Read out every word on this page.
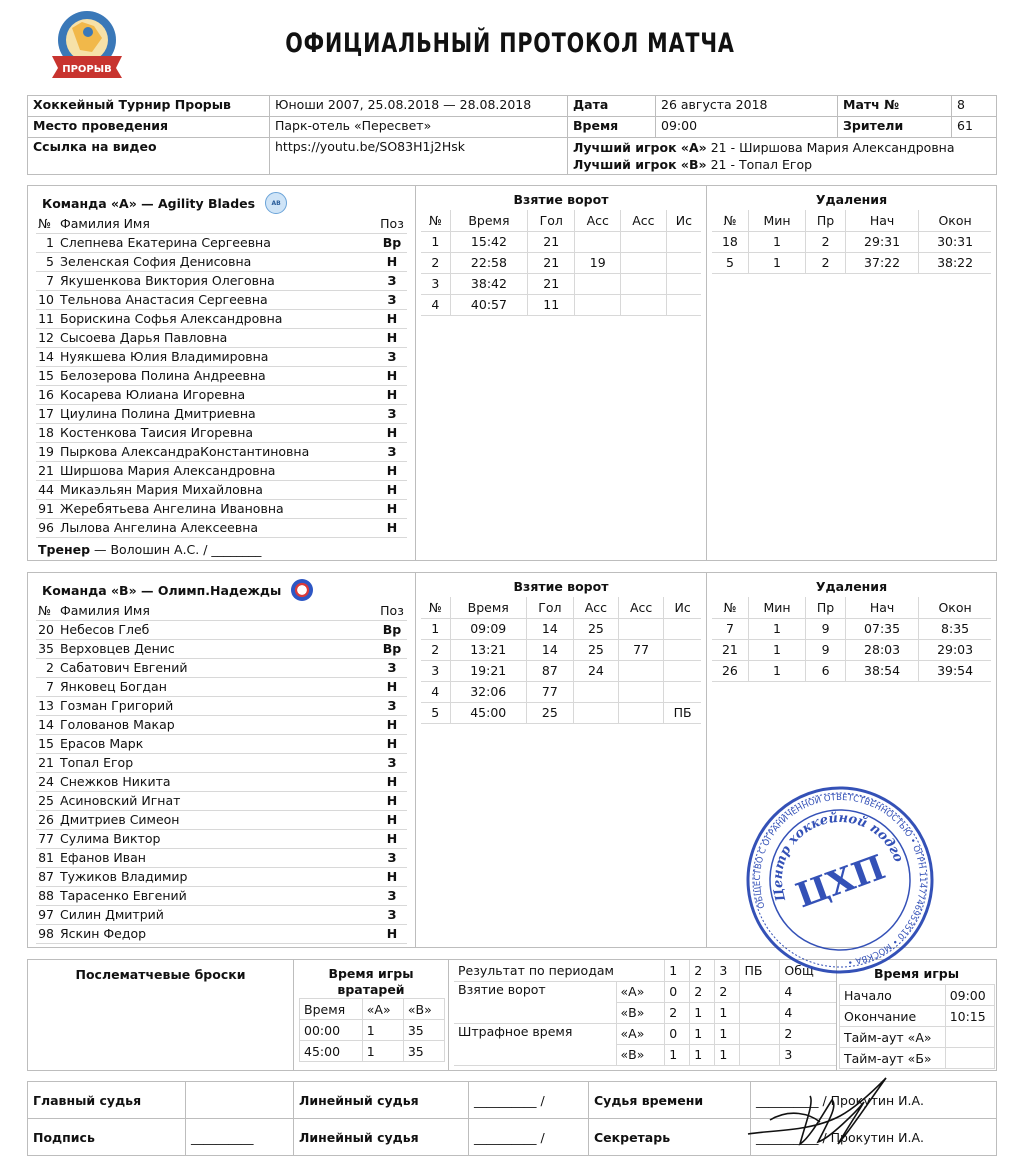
ПРОРЫВ
ОФИЦИАЛЬНЫЙ ПРОТОКОЛ МАТЧА
Хоккейный Турнир Прорыв	Юноши 2007, 25.08.2018 — 28.08.2018	Дата	26 августа 2018	Матч №	8
Место проведения	Парк-отель «Пересвет»	Время	09:00	Зрители	61
Ссылка на видео	https://youtu.be/SO83H1j2Hsk	Лучший игрок «А» 21 - Ширшова Мария Александровна
Лучший игрок «В» 21 - Топал Егор			
Команда «А» — Agility Blades	AB
№	Фамилия Имя	Поз
1	Слепнева Екатерина Сергеевна	Вр
5	Зеленская София Денисовна	Н
7	Якушенкова Виктория Олеговна	З
10	Тельнова Анастасия Сергеевна	З
11	Борискина Софья Александровна	Н
12	Сысоева Дарья Павловна	Н
14	Нуякшева Юлия Владимировна	З
15	Белозерова Полина Андреевна	Н
16	Косарева Юлиана Игоревна	Н
17	Циулина Полина Дмитриевна	З
18	Костенкова Таисия Игоревна	Н
19	Пыркова АлександраКонстантиновна	З
21	Ширшова Мария Александровна	Н
44	Микаэльян Мария Михайловна	Н
91	Жеребятьева Ангелина Ивановна	Н
96	Лылова Ангелина Алексеевна	Н
Тренер — Волошин А.С. / ________
Взятие ворот
№	Время	Гол	Асс	Асс	Ис
1	15:42	21			
2	22:58	21	19		
3	38:42	21			
4	40:57	11			
Удаления
№	Мин	Пр	Нач	Окон
18	1	2	29:31	30:31
5	1	2	37:22	38:22
Команда «В» — Олимп.Надежды
№	Фамилия Имя	Поз
20	Небесов Глеб	Вр
35	Верховцев Денис	Вр
2	Сабатович Евгений	З
7	Янковец Богдан	Н
13	Гозман Григорий	З
14	Голованов Макар	Н
15	Ерасов Марк	Н
21	Топал Егор	З
24	Снежков Никита	Н
25	Асиновский Игнат	Н
26	Дмитриев Симеон	Н
77	Сулима Виктор	Н
81	Ефанов Иван	З
87	Тужиков Владимир	Н
88	Тарасенко Евгений	З
97	Силин Дмитрий	З
98	Яскин Федор	Н
Взятие ворот
№	Время	Гол	Асс	Асс	Ис
1	09:09	14	25		
2	13:21	14	25	77	
3	19:21	87	24		
4	32:06	77			
5	45:00	25			ПБ
Удаления
№	Мин	Пр	Нач	Окон
7	1	9	07:35	8:35
21	1	9	28:03	29:03
26	1	6	38:54	39:54
Послематчевые броски	Время игры вратарей
Время	«А»	«В»
00:00	1	35
45:00	1	35
Результат по периодам		1	2	3	ПБ	Общ
Взятие ворот	«А»	0	2	2		4
	«В»	2	1	1		4
Штрафное время	«А»	0	1	1		2
	«В»	1	1	1		3
Время игры
Начало	09:00
Окончание	10:15
Тайм-аут «А»	
Тайм-аут «Б»	
Главный судья		Линейный судья	__________ /	Судья времени	__________ / Прокутин И.А.
Подпись	__________	Линейный судья	__________ /	Секретарь	__________ / Прокутин И.А.
ОБЩЕСТВО С ОГРАНИЧЕННОЙ ОТВЕТСТВЕННОСТЬЮ • ОГРН 1147746953510 • МОСКВА •
Центр хоккейной подготовки
ЦХП
